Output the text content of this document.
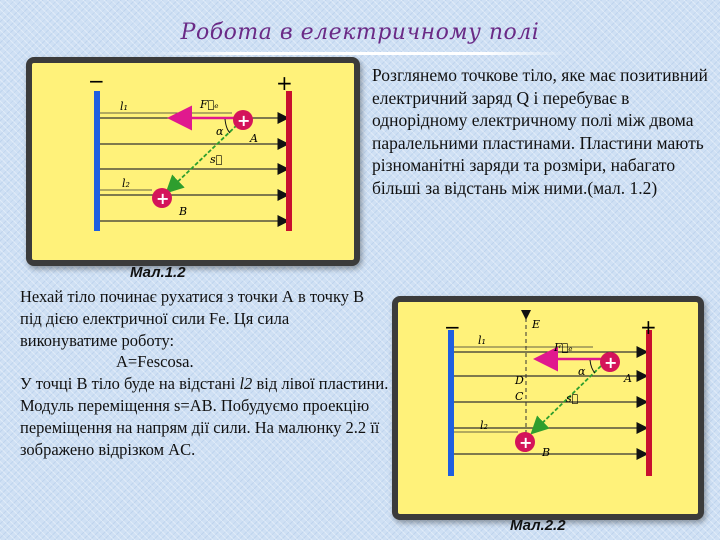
Робота в електричному полі
−	+
l₁
l₂
F⃗ₑ
s⃗
α
+
A
+
B
Мал.1.2
Розглянемо точкове тіло, яке має позитивний електричний заряд Q і перебуває в однорідному електричному полі між двома паралельними пластинами. Пластини мають різноманітні заряди та розміри, набагато більші за відстань між ними.(мал. 1.2)
Нехай тіло починає рухатися з точки А в точку В під дією електричної сили Fe. Ця сила виконуватиме роботу:
A=Fescosa.
У точці В тіло буде на відстані l2 від лівої пластини.
Модуль переміщення s=AB. Побудуємо проекцію переміщення на напрям дії сили. На малюнку 2.2 її зображено відрізком AC.
−	+
E
D
C
l₁
l₂
F⃗ₑ
s⃗
α +
A
+
B
Мал.2.2
